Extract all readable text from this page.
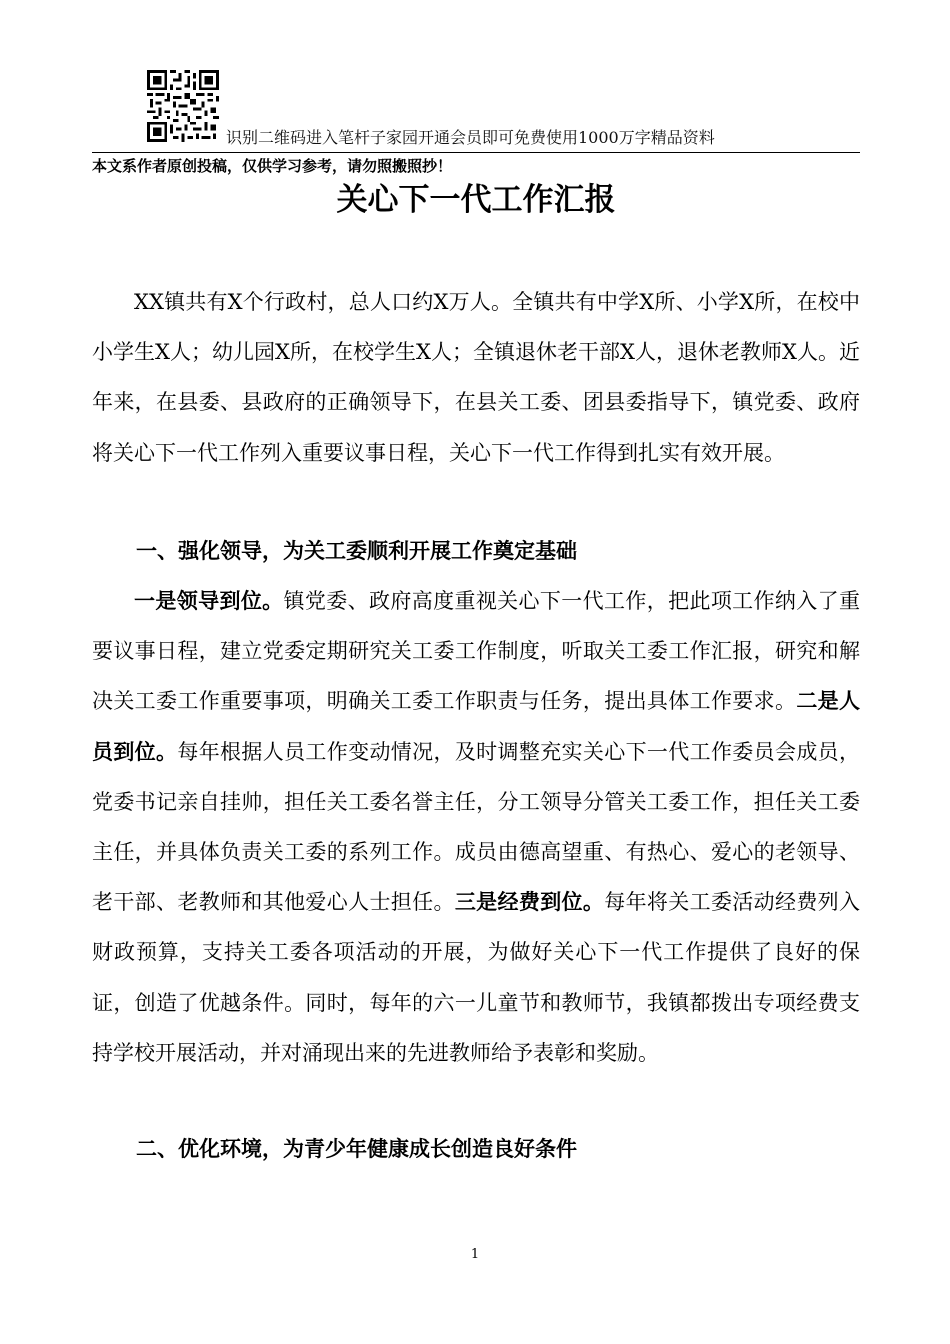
识别二维码进入笔杆子家园开通会员即可免费使用1000万字精品资料
本文系作者原创投稿，仅供学习参考，请勿照搬照抄！
关心下一代工作汇报

XX镇共有X个行政村，总人口约X万人。全镇共有中学X所、小学X所，在校中小学生X人；幼儿园X所，在校学生X人；全镇退休老干部X人，退休老教师X人。近年来，在县委、县政府的正确领导下，在县关工委、团县委指导下，镇党委、政府将关心下一代工作列入重要议事日程，关心下一代工作得到扎实有效开展。

一、强化领导，为关工委顺利开展工作奠定基础

一是领导到位。镇党委、政府高度重视关心下一代工作，把此项工作纳入了重要议事日程，建立党委定期研究关工委工作制度，听取关工委工作汇报，研究和解决关工委工作重要事项，明确关工委工作职责与任务，提出具体工作要求。二是人员到位。每年根据人员工作变动情况，及时调整充实关心下一代工作委员会成员，党委书记亲自挂帅，担任关工委名誉主任，分工领导分管关工委工作，担任关工委主任，并具体负责关工委的系列工作。成员由德高望重、有热心、爱心的老领导、老干部、老教师和其他爱心人士担任。三是经费到位。每年将关工委活动经费列入财政预算，支持关工委各项活动的开展，为做好关心下一代工作提供了良好的保证，创造了优越条件。同时，每年的六一儿童节和教师节，我镇都拨出专项经费支持学校开展活动，并对涌现出来的先进教师给予表彰和奖励。

二、优化环境，为青少年健康成长创造良好条件
1
